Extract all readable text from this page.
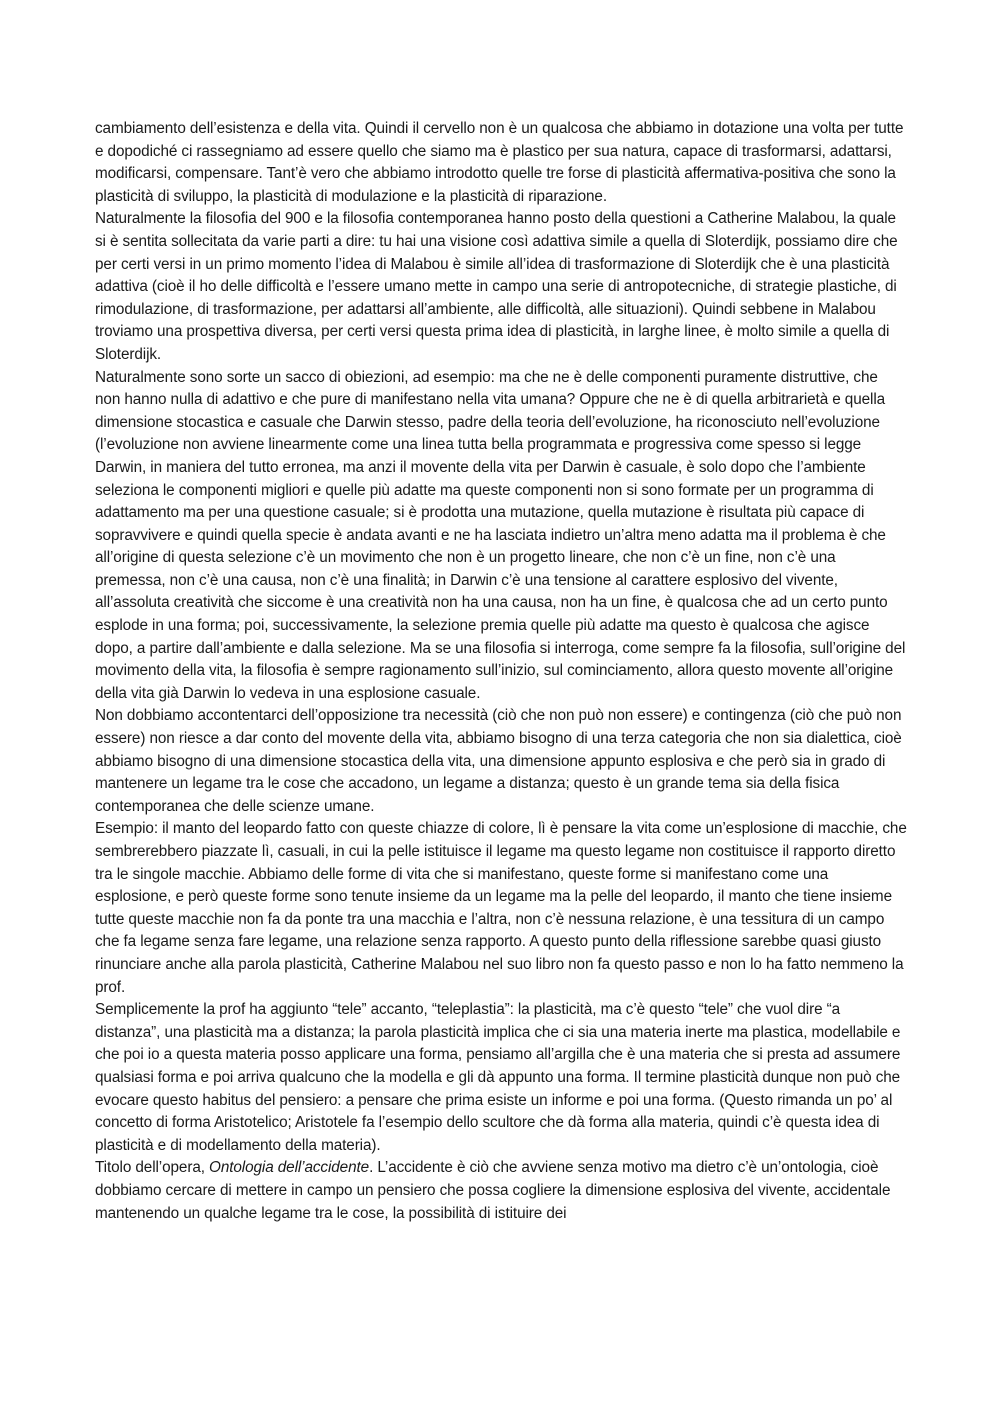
cambiamento dell’esistenza e della vita. Quindi il cervello non è un qualcosa che abbiamo in dotazione una volta per tutte e dopodiché ci rassegniamo ad essere quello che siamo ma è plastico per sua natura, capace di trasformarsi, adattarsi, modificarsi, compensare. Tant’è vero che abbiamo introdotto quelle tre forse di plasticità affermativa-positiva che sono la plasticità di sviluppo, la plasticità di modulazione e la plasticità di riparazione.

Naturalmente la filosofia del 900 e la filosofia contemporanea hanno posto della questioni a Catherine Malabou, la quale si è sentita sollecitata da varie parti a dire: tu hai una visione così adattiva simile a quella di Sloterdijk, possiamo dire che per certi versi in un primo momento l’idea di Malabou è simile all’idea di trasformazione di Sloterdijk che è una plasticità adattiva (cioè il ho delle difficoltà e l’essere umano mette in campo una serie di antropotecniche, di strategie plastiche, di rimodulazione, di trasformazione, per adattarsi all’ambiente, alle difficoltà, alle situazioni). Quindi sebbene in Malabou troviamo una prospettiva diversa, per certi versi questa prima idea di plasticità, in larghe linee, è molto simile a quella di Sloterdijk.

Naturalmente sono sorte un sacco di obiezioni, ad esempio: ma che ne è delle componenti puramente distruttive, che non hanno nulla di adattivo e che pure di manifestano nella vita umana? Oppure che ne è di quella arbitrarietà e quella dimensione stocastica e casuale che Darwin stesso, padre della teoria dell’evoluzione, ha riconosciuto nell’evoluzione (l’evoluzione non avviene linearmente come una linea tutta bella programmata e progressiva come spesso si legge Darwin, in maniera del tutto erronea, ma anzi il movente della vita per Darwin è casuale, è solo dopo che l’ambiente seleziona le componenti migliori e quelle più adatte ma queste componenti non si sono formate per un programma di adattamento ma per una questione casuale; si è prodotta una mutazione, quella mutazione è risultata più capace di sopravvivere e quindi quella specie è andata avanti e ne ha lasciata indietro un’altra meno adatta ma il problema è che all’origine di questa selezione c’è un movimento che non è un progetto lineare, che non c’è un fine, non c’è una premessa, non c’è una causa, non c’è una finalità; in Darwin c’è una tensione al carattere esplosivo del vivente, all’assoluta creatività che siccome è una creatività non ha una causa, non ha un fine, è qualcosa che ad un certo punto esplode in una forma; poi, successivamente, la selezione premia quelle più adatte ma questo è qualcosa che agisce dopo, a partire dall’ambiente e dalla selezione. Ma se una filosofia si interroga, come sempre fa la filosofia, sull’origine del movimento della vita, la filosofia è sempre ragionamento sull’inizio, sul cominciamento, allora questo movente all’origine della vita già Darwin lo vedeva in una esplosione casuale.

Non dobbiamo accontentarci dell’opposizione tra necessità (ciò che non può non essere) e contingenza (ciò che può non essere) non riesce a dar conto del movente della vita, abbiamo bisogno di una terza categoria che non sia dialettica, cioè abbiamo bisogno di una dimensione stocastica della vita, una dimensione appunto esplosiva e che però sia in grado di mantenere un legame tra le cose che accadono, un legame a distanza; questo è un grande tema sia della fisica contemporanea che delle scienze umane.

Esempio: il manto del leopardo fatto con queste chiazze di colore, lì è pensare la vita come un’esplosione di macchie, che sembrerebbero piazzate lì, casuali, in cui la pelle istituisce il legame ma questo legame non costituisce il rapporto diretto tra le singole macchie. Abbiamo delle forme di vita che si manifestano, queste forme si manifestano come una esplosione, e però queste forme sono tenute insieme da un legame ma la pelle del leopardo, il manto che tiene insieme tutte queste macchie non fa da ponte tra una macchia e l’altra, non c’è nessuna relazione, è una tessitura di un campo che fa legame senza fare legame, una relazione senza rapporto. A questo punto della riflessione sarebbe quasi giusto rinunciare anche alla parola plasticità, Catherine Malabou nel suo libro non fa questo passo e non lo ha fatto nemmeno la prof.

Semplicemente la prof ha aggiunto “tele” accanto, “teleplastia”: la plasticità, ma c’è questo “tele” che vuol dire “a distanza”, una plasticità ma a distanza; la parola plasticità implica che ci sia una materia inerte ma plastica, modellabile e che poi io a questa materia posso applicare una forma, pensiamo all’argilla che è una materia che si presta ad assumere qualsiasi forma e poi arriva qualcuno che la modella e gli dà appunto una forma. Il termine plasticità dunque non può che evocare questo habitus del pensiero: a pensare che prima esiste un informe e poi una forma. (Questo rimanda un po’ al concetto di forma Aristotelico; Aristotele fa l’esempio dello scultore che dà forma alla materia, quindi c’è questa idea di plasticità e di modellamento della materia).

Titolo dell’opera, Ontologia dell’accidente. L’accidente è ciò che avviene senza motivo ma dietro c’è un’ontologia, cioè dobbiamo cercare di mettere in campo un pensiero che possa cogliere la dimensione esplosiva del vivente, accidentale mantenendo un qualche legame tra le cose, la possibilità di istituire dei
